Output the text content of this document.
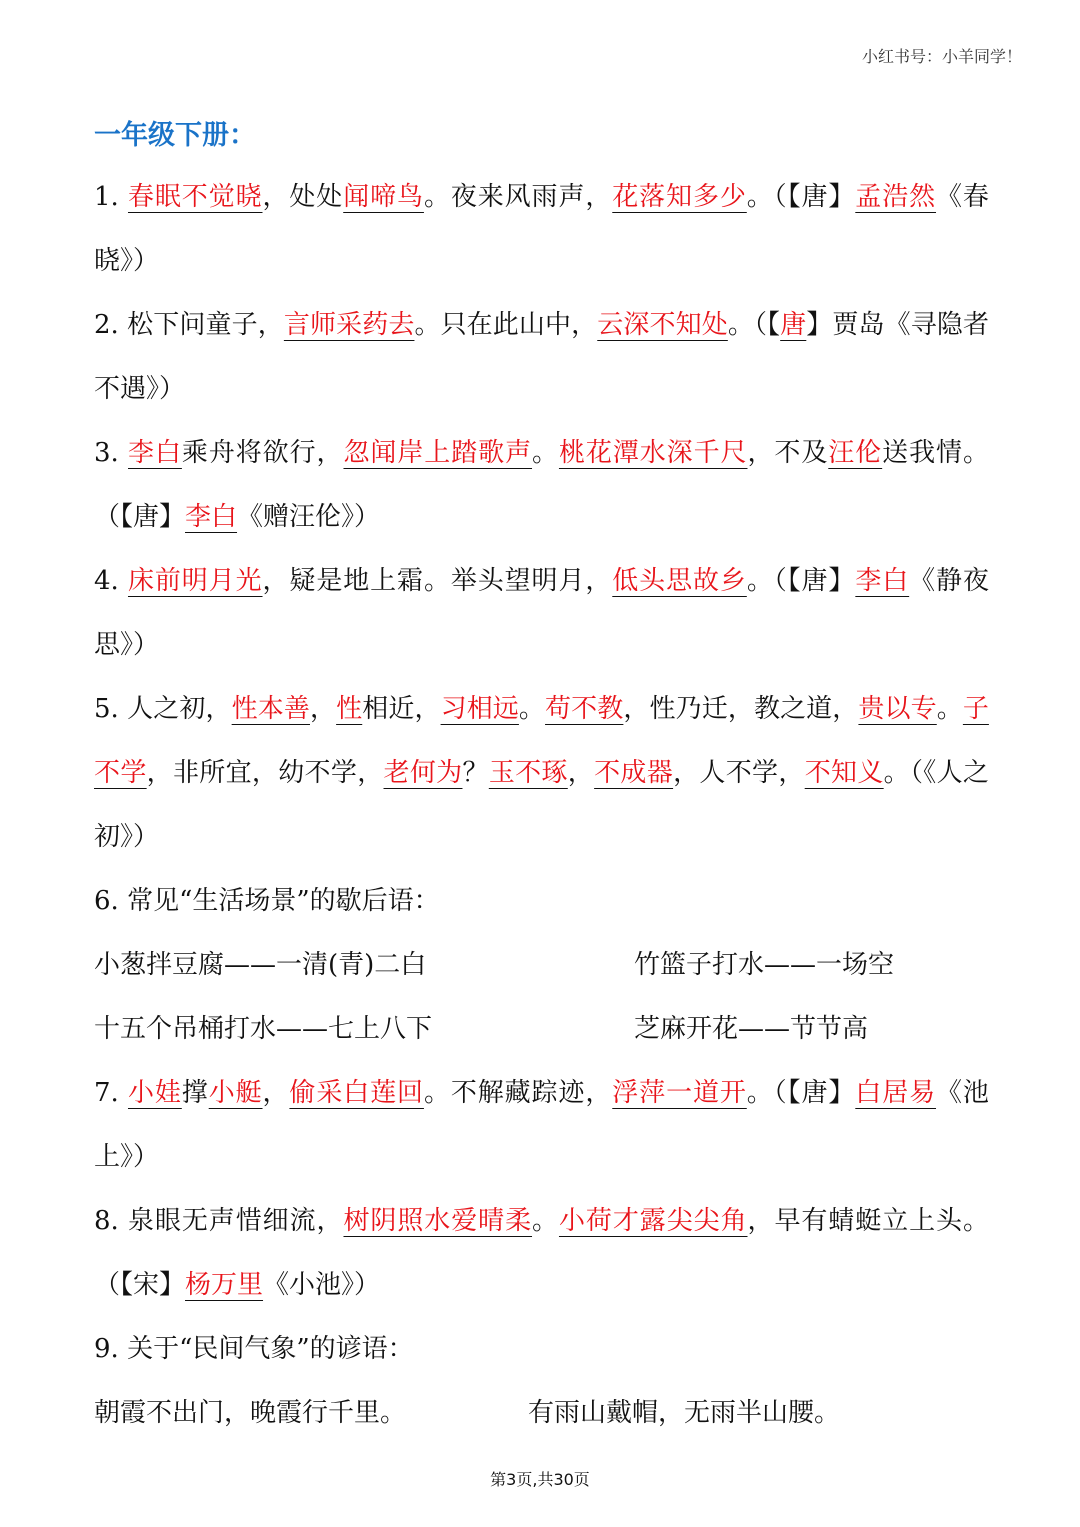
小红书号：小羊同学！
一年级下册：

1. 春眠不觉晓，处处闻啼鸟。夜来风雨声，花落知多少。（【唐】孟浩然《春晓》）

2. 松下问童子，言师采药去。只在此山中，云深不知处。（【唐】贾岛《寻隐者不遇》）

3. 李白乘舟将欲行，忽闻岸上踏歌声。桃花潭水深千尺，不及汪伦送我情。（【唐】李白《赠汪伦》）

4. 床前明月光，疑是地上霜。举头望明月，低头思故乡。（【唐】李白《静夜思》）

5. 人之初，性本善，性相近，习相远。苟不教，性乃迁，教之道，贵以专。子不学，非所宜，幼不学，老何为？玉不琢，不成器，人不学，不知义。（《人之初》）

6. 常见“生活场景”的歇后语：

小葱拌豆腐——一清(青)二白	竹篮子打水——一场空
十五个吊桶打水——七上八下	芝麻开花——节节高

7. 小娃撑小艇，偷采白莲回。不解藏踪迹，浮萍一道开。（【唐】白居易《池上》）

8. 泉眼无声惜细流，树阴照水爱晴柔。小荷才露尖尖角，早有蜻蜓立上头。（【宋】杨万里《小池》）

9. 关于“民间气象”的谚语：

朝霞不出门，晚霞行千里。	有雨山戴帽，无雨半山腰。
第3页,共30页
